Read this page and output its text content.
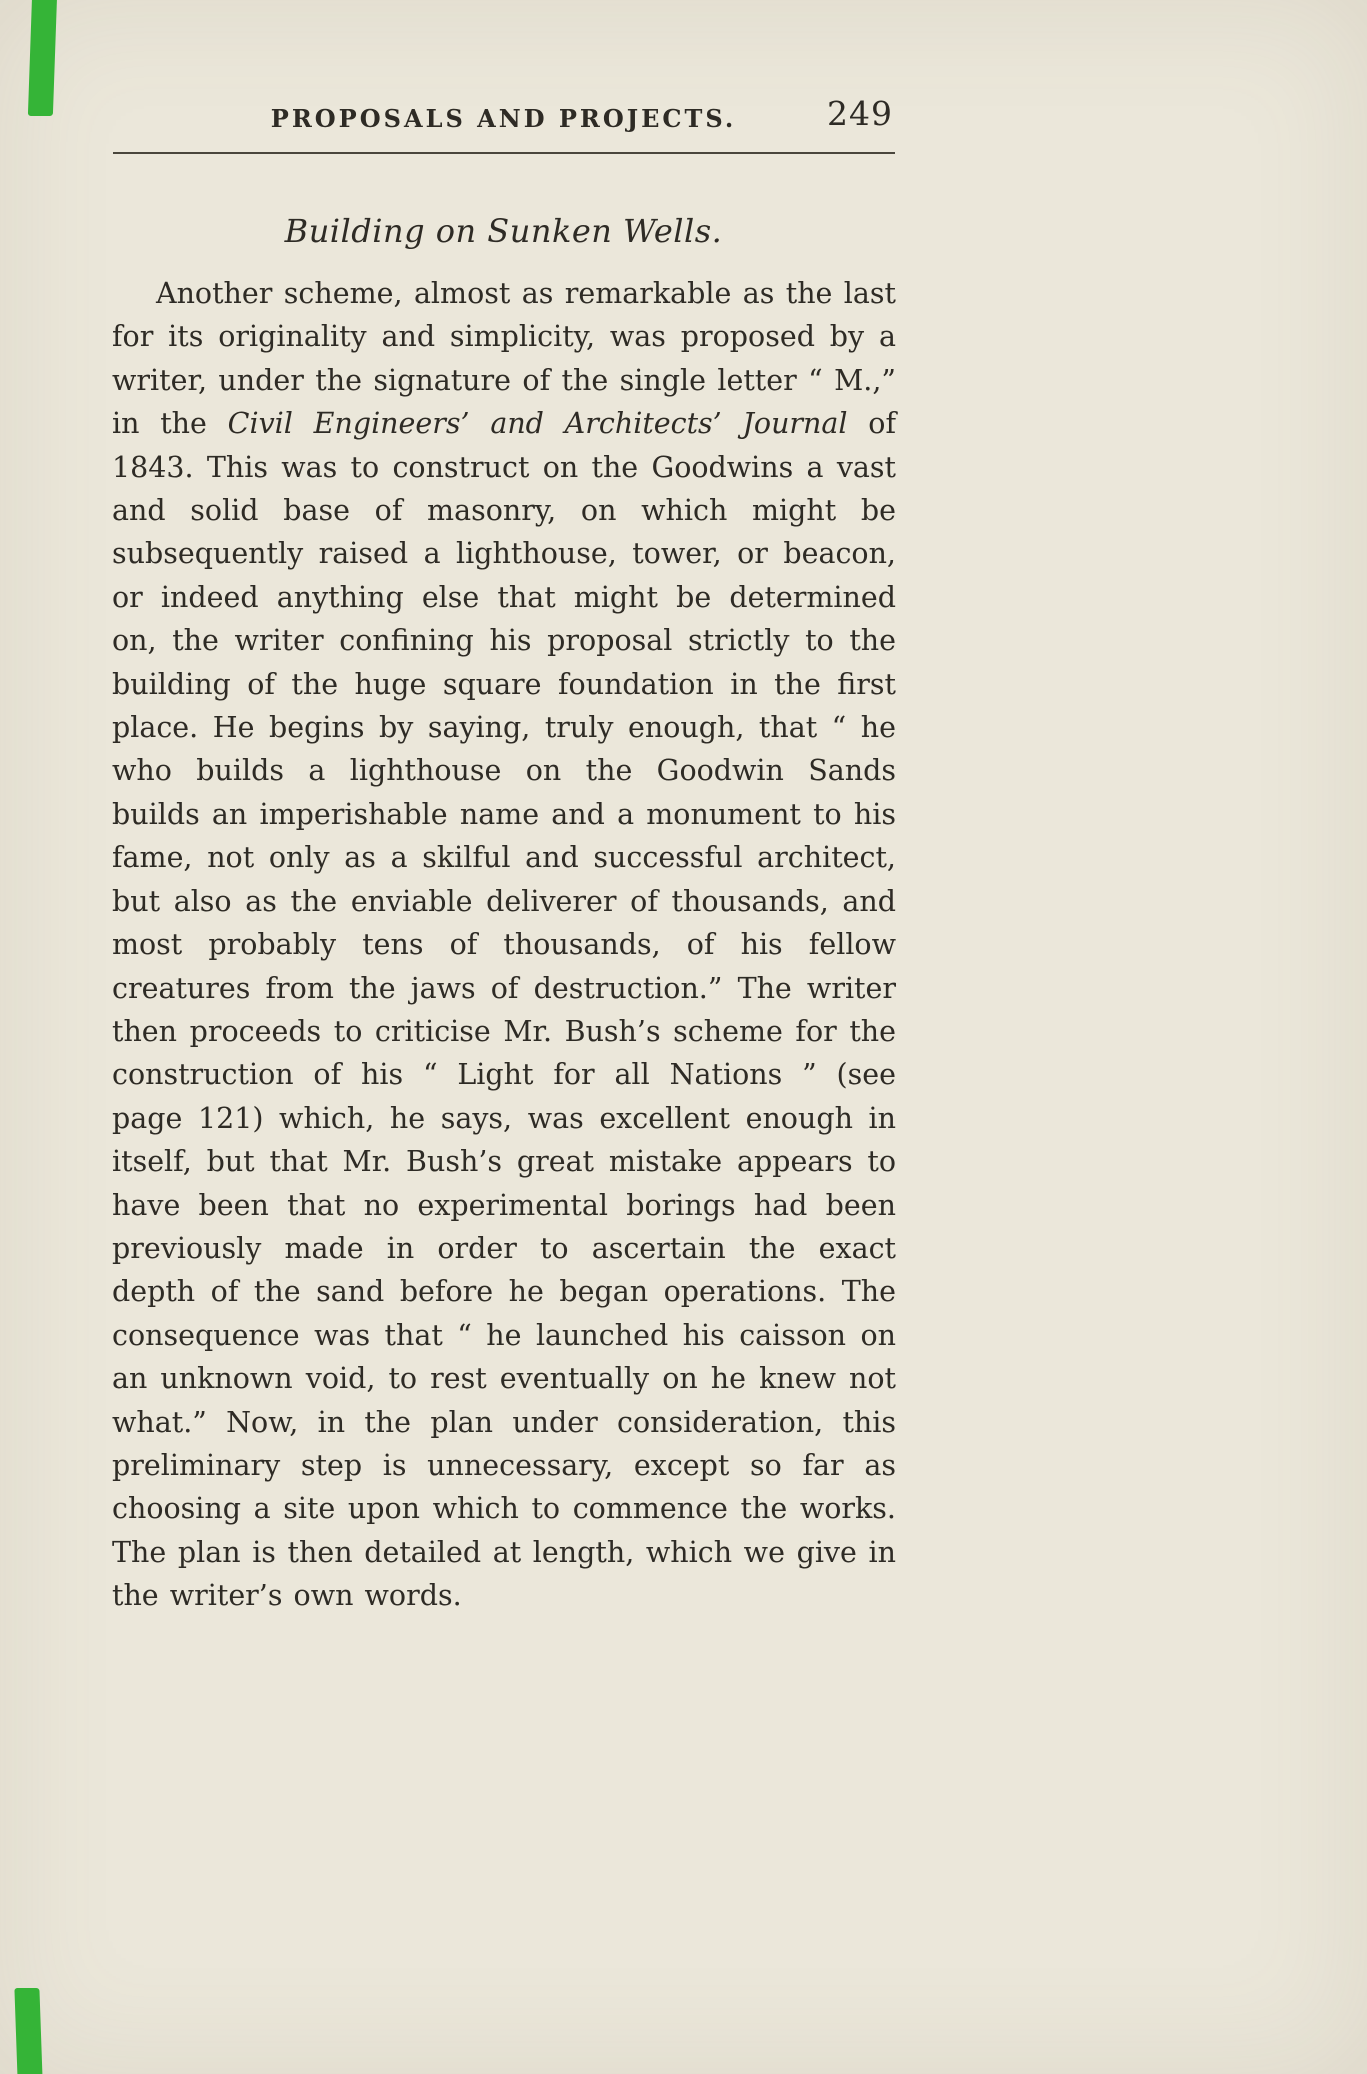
PROPOSALS AND PROJECTS.	249
Building on Sunken Wells.

Another scheme, almost as remarkable as the last for its originality and simplicity, was proposed by a writer, under the signature of the single letter “ M.,” in the Civil Engineers’ and Architects’ Journal of 1843. This was to construct on the Goodwins a vast and solid base of masonry, on which might be subsequently raised a lighthouse, tower, or beacon, or indeed anything else that might be determined on, the writer confining his proposal strictly to the building of the huge square foundation in the first place. He begins by saying, truly enough, that “ he who builds a lighthouse on the Goodwin Sands builds an imperishable name and a monument to his fame, not only as a skilful and successful architect, but also as the enviable deliverer of thousands, and most probably tens of thousands, of his fellow creatures from the jaws of destruction.” The writer then proceeds to criticise Mr. Bush’s scheme for the construction of his “ Light for all Nations ” (see page 121) which, he says, was excellent enough in itself, but that Mr. Bush’s great mistake appears to have been that no experimental borings had been previously made in order to ascertain the exact depth of the sand before he began operations. The consequence was that “ he launched his caisson on an unknown void, to rest eventually on he knew not what.” Now, in the plan under consideration, this preliminary step is unnecessary, except so far as choosing a site upon which to commence the works. The plan is then detailed at length, which we give in the writer’s own words.
